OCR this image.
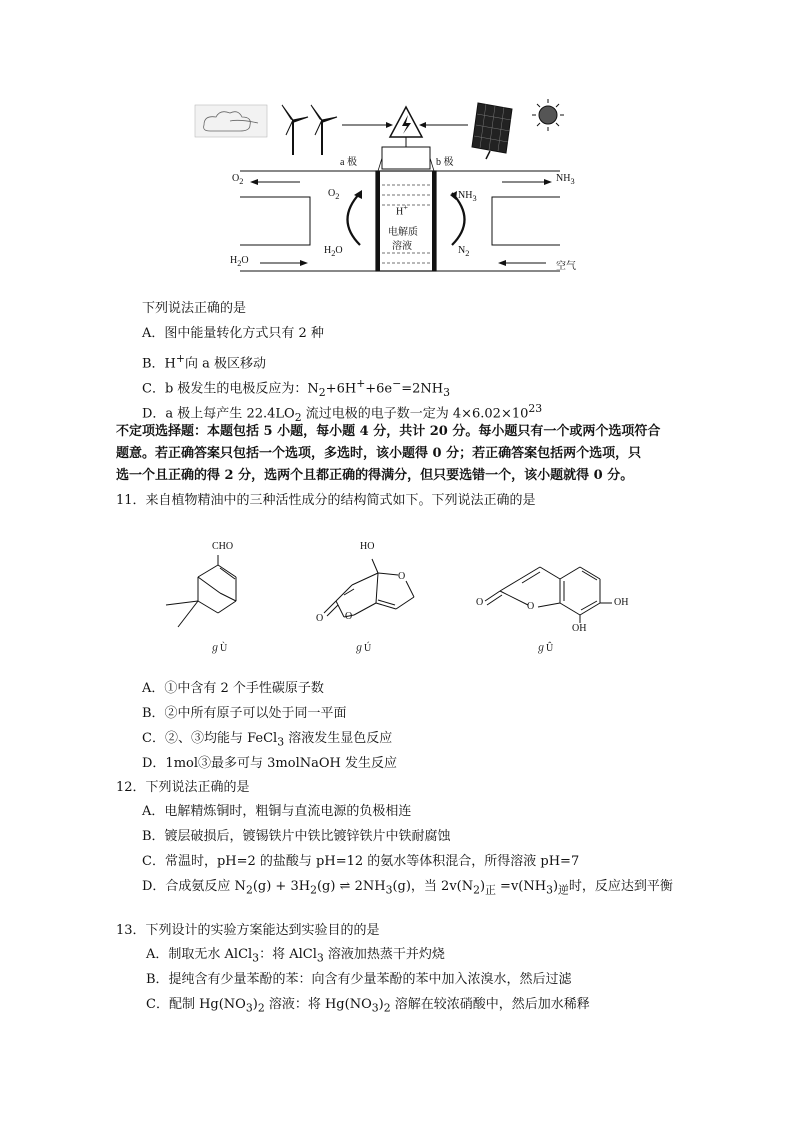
a 极	b 极
$O_2$	$NH_3$
$O_2$	$NH_3$
H+
电解质
溶液
$H_2O$	$N_2$
$H_2O$
空气
下列说法正确的是
A．图中能量转化方式只有 2 种
B．H+向 a 极区移动
C．b 极发生的电极反应为：$N_2+6H^++6e^-=2NH_3$
D．a 极上每产生 $22.4LO_2$ 流过电极的电子数一定为 $4\times 6.02\times 10^{23}$
不定项选择题：本题包括 5 小题，每小题 4 分，共计 20 分。每小题只有一个或两个选项符合
题意。若正确答案只包括一个选项，多选时，该小题得 0 分；若正确答案包括两个选项，只
选一个且正确的得 2 分，选两个且都正确的得满分，但只要选错一个，该小题就得 0 分。
11．来自植物精油中的三种活性成分的结构简式如下。下列说法正确的是
CHO	HO
O
O
O
O	O	OH
OH
ℊÙ	ℊÚ	ℊÛ
A．①中含有 2 个手性碳原子数
B．②中所有原子可以处于同一平面
C．②、③均能与 FeCl$_3$ 溶液发生显色反应
D．1mol③最多可与 3molNaOH 发生反应
12．下列说法正确的是
A．电解精炼铜时，粗铜与直流电源的负极相连
B．镀层破损后，镀锡铁片中铁比镀锌铁片中铁耐腐蚀
C．常温时，pH=2 的盐酸与 pH=12 的氨水等体积混合，所得溶液 pH=7
D．合成氨反应 $N_2(g) + 3H_2(g)$ ⇌ $2NH_3(g)$，当 $2v(N_2)_正 =v(NH_3)_逆$时，反应达到平衡
13．下列设计的实验方案能达到实验目的的是
A．制取无水 AlCl$_3$：将 AlCl$_3$ 溶液加热蒸干并灼烧
B．提纯含有少量苯酚的苯：向含有少量苯酚的苯中加入浓溴水，然后过滤
C．配制 $Hg(NO_3)_2$ 溶液：将 $Hg(NO_3)_2$ 溶解在较浓硝酸中，然后加水稀释
